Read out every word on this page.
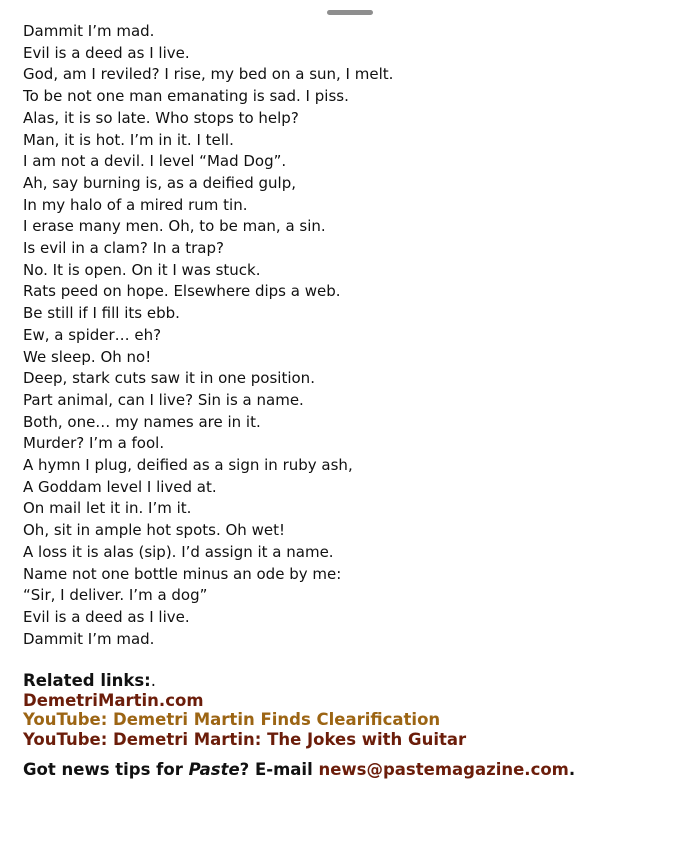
Dammit I’m mad.
Evil is a deed as I live.
God, am I reviled? I rise, my bed on a sun, I melt.
To be not one man emanating is sad. I piss.
Alas, it is so late. Who stops to help?
Man, it is hot. I’m in it. I tell.
I am not a devil. I level “Mad Dog”.
Ah, say burning is, as a deified gulp,
In my halo of a mired rum tin.
I erase many men. Oh, to be man, a sin.
Is evil in a clam? In a trap?
No. It is open. On it I was stuck.
Rats peed on hope. Elsewhere dips a web.
Be still if I fill its ebb.
Ew, a spider… eh?
We sleep. Oh no!
Deep, stark cuts saw it in one position.
Part animal, can I live? Sin is a name.
Both, one… my names are in it.
Murder? I’m a fool.
A hymn I plug, deified as a sign in ruby ash,
A Goddam level I lived at.
On mail let it in. I’m it.
Oh, sit in ample hot spots. Oh wet!
A loss it is alas (sip). I’d assign it a name.
Name not one bottle minus an ode by me:
“Sir, I deliver. I’m a dog”
Evil is a deed as I live.
Dammit I’m mad.
Related links:.
DemetriMartin.com
YouTube: Demetri Martin Finds Clearification
YouTube: Demetri Martin: The Jokes with Guitar
Got news tips for Paste? E-mail news@pastemagazine.com.
